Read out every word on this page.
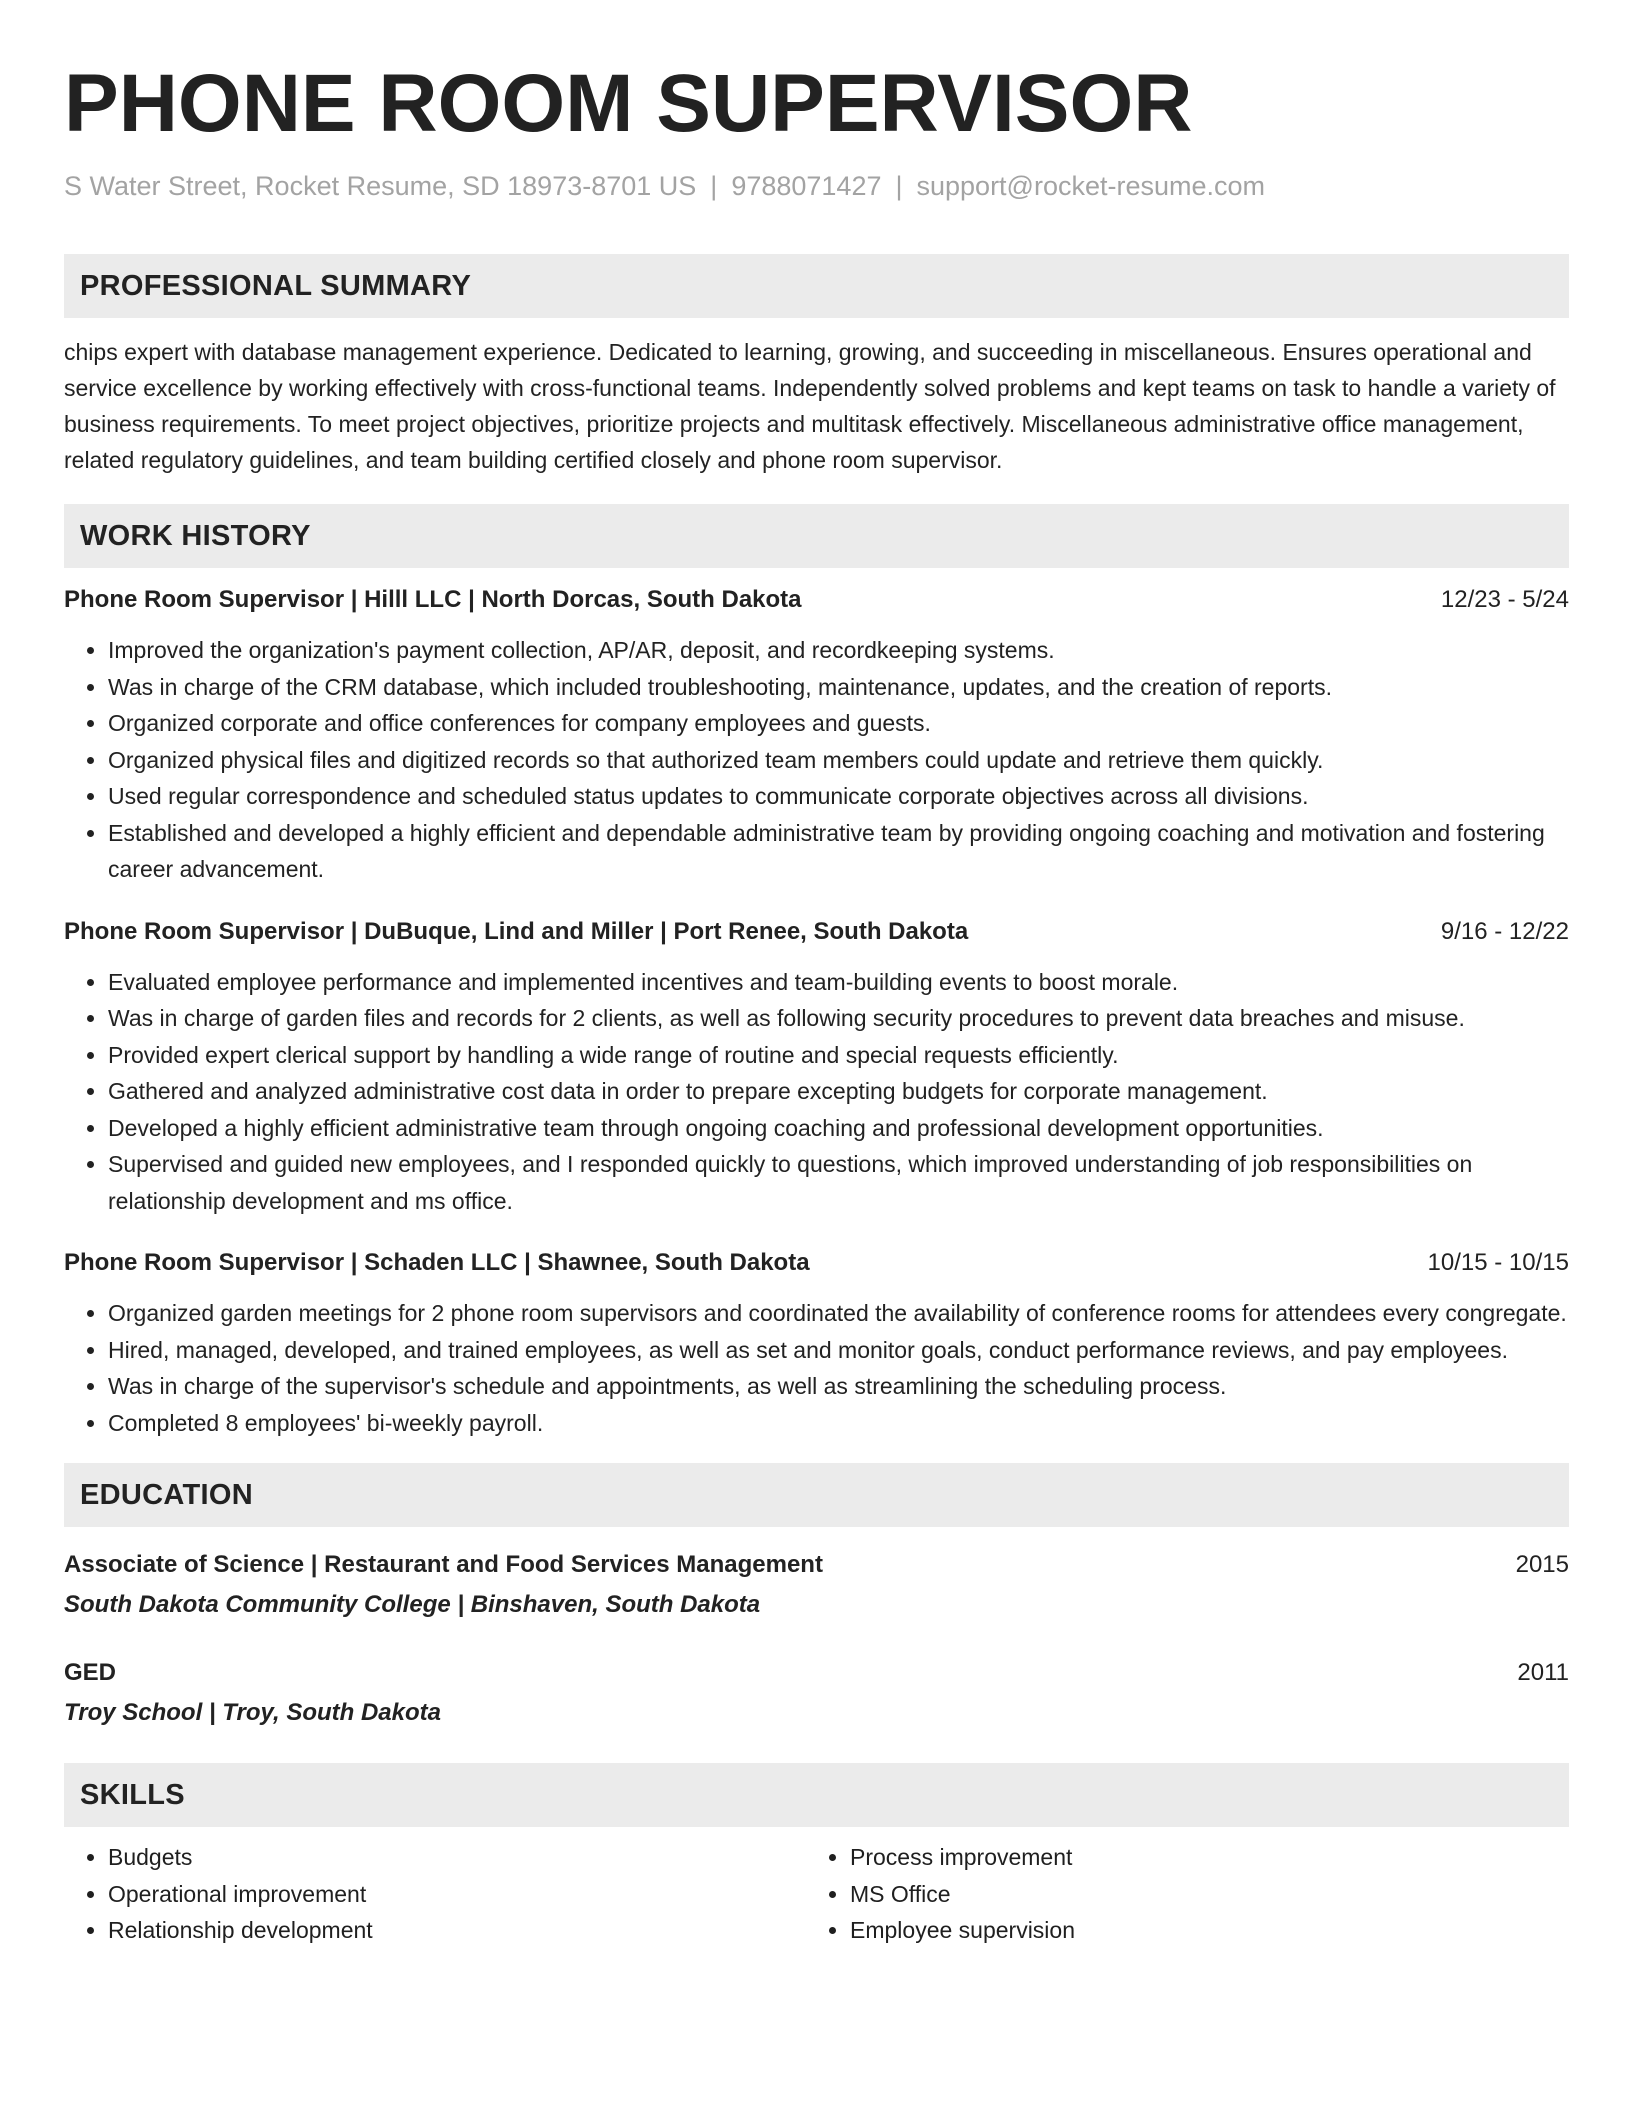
PHONE ROOM SUPERVISOR
S Water Street, Rocket Resume, SD 18973-8701 US | 9788071427 | support@rocket-resume.com
PROFESSIONAL SUMMARY
chips expert with database management experience. Dedicated to learning, growing, and succeeding in miscellaneous. Ensures operational and service excellence by working effectively with cross-functional teams. Independently solved problems and kept teams on task to handle a variety of business requirements. To meet project objectives, prioritize projects and multitask effectively. Miscellaneous administrative office management, related regulatory guidelines, and team building certified closely and phone room supervisor.
WORK HISTORY
Phone Room Supervisor | Hilll LLC | North Dorcas, South Dakota	12/23 - 5/24
• Improved the organization's payment collection, AP/AR, deposit, and recordkeeping systems.
• Was in charge of the CRM database, which included troubleshooting, maintenance, updates, and the creation of reports.
• Organized corporate and office conferences for company employees and guests.
• Organized physical files and digitized records so that authorized team members could update and retrieve them quickly.
• Used regular correspondence and scheduled status updates to communicate corporate objectives across all divisions.
• Established and developed a highly efficient and dependable administrative team by providing ongoing coaching and motivation and fostering career advancement.
Phone Room Supervisor | DuBuque, Lind and Miller | Port Renee, South Dakota	9/16 - 12/22
• Evaluated employee performance and implemented incentives and team-building events to boost morale.
• Was in charge of garden files and records for 2 clients, as well as following security procedures to prevent data breaches and misuse.
• Provided expert clerical support by handling a wide range of routine and special requests efficiently.
• Gathered and analyzed administrative cost data in order to prepare excepting budgets for corporate management.
• Developed a highly efficient administrative team through ongoing coaching and professional development opportunities.
• Supervised and guided new employees, and I responded quickly to questions, which improved understanding of job responsibilities on relationship development and ms office.
Phone Room Supervisor | Schaden LLC | Shawnee, South Dakota	10/15 - 10/15
• Organized garden meetings for 2 phone room supervisors and coordinated the availability of conference rooms for attendees every congregate.
• Hired, managed, developed, and trained employees, as well as set and monitor goals, conduct performance reviews, and pay employees.
• Was in charge of the supervisor's schedule and appointments, as well as streamlining the scheduling process.
• Completed 8 employees' bi-weekly payroll.
EDUCATION
Associate of Science | Restaurant and Food Services Management	2015
South Dakota Community College | Binshaven, South Dakota
GED	2011
Troy School | Troy, South Dakota
SKILLS
• Budgets
• Operational improvement
• Relationship development
• Process improvement
• MS Office
• Employee supervision
